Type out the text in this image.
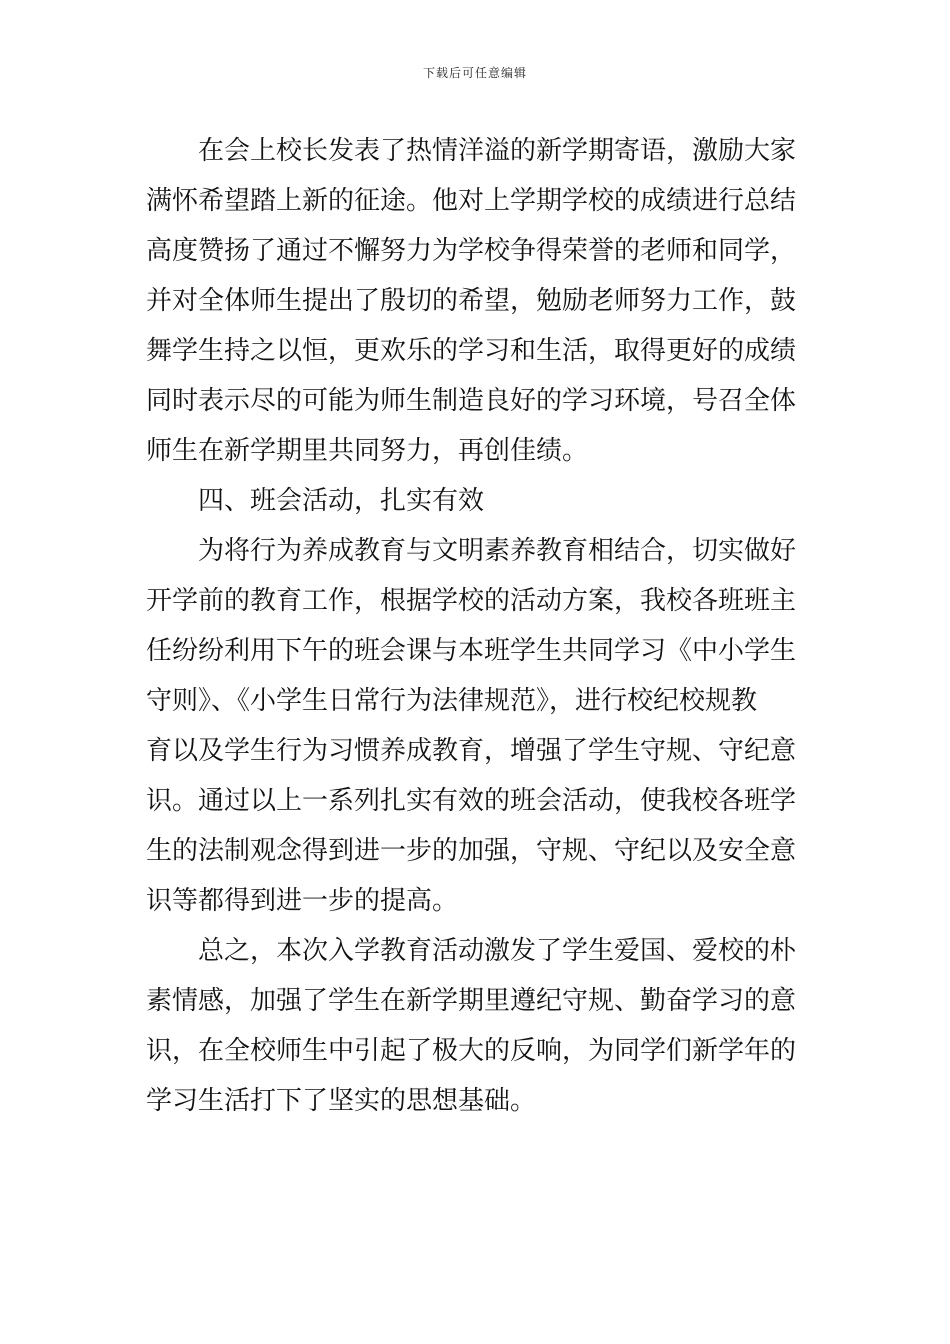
下载后可任意编辑
在会上校长发表了热情洋溢的新学期寄语，激励大家
满怀希望踏上新的征途。他对上学期学校的成绩进行总结
高度赞扬了通过不懈努力为学校争得荣誉的老师和同学，
并对全体师生提出了殷切的希望，勉励老师努力工作，鼓
舞学生持之以恒，更欢乐的学习和生活，取得更好的成绩
同时表示尽的可能为师生制造良好的学习环境，号召全体
师生在新学期里共同努力，再创佳绩。
四、班会活动，扎实有效
为将行为养成教育与文明素养教育相结合，切实做好
开学前的教育工作，根据学校的活动方案，我校各班班主
任纷纷利用下午的班会课与本班学生共同学习《中小学生
守则》、《小学生日常行为法律规范》，进行校纪校规教
育以及学生行为习惯养成教育，增强了学生守规、守纪意
识。通过以上一系列扎实有效的班会活动，使我校各班学
生的法制观念得到进一步的加强，守规、守纪以及安全意
识等都得到进一步的提高。
总之，本次入学教育活动激发了学生爱国、爱校的朴
素情感，加强了学生在新学期里遵纪守规、勤奋学习的意
识，在全校师生中引起了极大的反响，为同学们新学年的
学习生活打下了坚实的思想基础。
